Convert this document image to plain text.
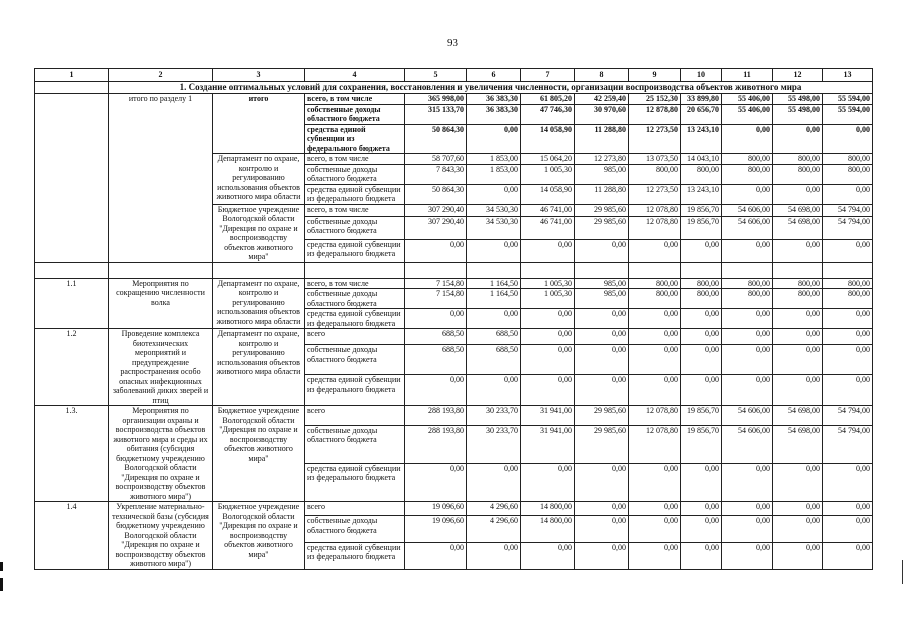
93
1	2	3	4	5	6	7	8	9	10	11	12	13
	1. Создание оптимальных условий для сохранения, восстановления и увеличения численности, организации воспроизводства объектов животного мира											
	итого по разделу 1	итого	всего, в том числе	365 998,00	36 383,30	61 805,20	42 259,40	25 152,30	33 899,80	55 406,00	55 498,00	55 594,00
			собственные доходы областного бюджета	315 133,70	36 383,30	47 746,30	30 970,60	12 878,80	20 656,70	55 406,00	55 498,00	55 594,00
			средства единой субвенции из федерального бюджета	50 864,30	0,00	14 058,90	11 288,80	12 273,50	13 243,10	0,00	0,00	0,00
		Департамент по охране, контролю и регулированию использования объектов животного мира области	всего, в том числе	58 707,60	1 853,00	15 064,20	12 273,80	13 073,50	14 043,10	800,00	800,00	800,00
			собственные доходы областного бюджета	7 843,30	1 853,00	1 005,30	985,00	800,00	800,00	800,00	800,00	800,00
			средства единой субвенции из федерального бюджета	50 864,30	0,00	14 058,90	11 288,80	12 273,50	13 243,10	0,00	0,00	0,00
		Бюджетное учреждение Вологодской области "Дирекция по охране и воспроизводству объектов животного мира"	всего, в том числе	307 290,40	34 530,30	46 741,00	29 985,60	12 078,80	19 856,70	54 606,00	54 698,00	54 794,00
			собственные доходы областного бюджета	307 290,40	34 530,30	46 741,00	29 985,60	12 078,80	19 856,70	54 606,00	54 698,00	54 794,00
			средства единой субвенции из федерального бюджета	0,00	0,00	0,00	0,00	0,00	0,00	0,00	0,00	0,00

1.1	Мероприятия по сокращению численности волка	Департамент по охране, контролю и регулированию использования объектов животного мира области	всего, в том числе	7 154,80	1 164,50	1 005,30	985,00	800,00	800,00	800,00	800,00	800,00
			собственные доходы областного бюджета	7 154,80	1 164,50	1 005,30	985,00	800,00	800,00	800,00	800,00	800,00
			средства единой субвенции из федерального бюджета	0,00	0,00	0,00	0,00	0,00	0,00	0,00	0,00	0,00
1.2	Проведение комплекса биотехнических мероприятий и предупреждение распространения особо опасных инфекционных заболеваний диких зверей и птиц	Департамент по охране, контролю и регулированию использования объектов животного мира области	всего	688,50	688,50	0,00	0,00	0,00	0,00	0,00	0,00	0,00
			собственные доходы областного бюджета	688,50	688,50	0,00	0,00	0,00	0,00	0,00	0,00	0,00
			средства единой субвенции из федерального бюджета	0,00	0,00	0,00	0,00	0,00	0,00	0,00	0,00	0,00
1.3.	Мероприятия по организации охраны и воспроизводства объектов животного мира и среды их обитания (субсидия бюджетному учреждению Вологодской области "Дирекция по охране и воспроизводству объектов животного мира")	Бюджетное учреждение Вологодской области "Дирекция по охране и воспроизводству объектов животного мира"	всего	288 193,80	30 233,70	31 941,00	29 985,60	12 078,80	19 856,70	54 606,00	54 698,00	54 794,00
			собственные доходы областного бюджета	288 193,80	30 233,70	31 941,00	29 985,60	12 078,80	19 856,70	54 606,00	54 698,00	54 794,00
			средства единой субвенции из федерального бюджета	0,00	0,00	0,00	0,00	0,00	0,00	0,00	0,00	0,00
1.4	Укрепление материально-технической базы (субсидия бюджетному учреждению Вологодской области "Дирекция по охране и воспроизводству объектов животного мира")	Бюджетное учреждение Вологодской области "Дирекция по охране и воспроизводству объектов животного мира"	всего	19 096,60	4 296,60	14 800,00	0,00	0,00	0,00	0,00	0,00	0,00
			собственные доходы областного бюджета	19 096,60	4 296,60	14 800,00	0,00	0,00	0,00	0,00	0,00	0,00
			средства единой субвенции из федерального бюджета	0,00	0,00	0,00	0,00	0,00	0,00	0,00	0,00	0,00
